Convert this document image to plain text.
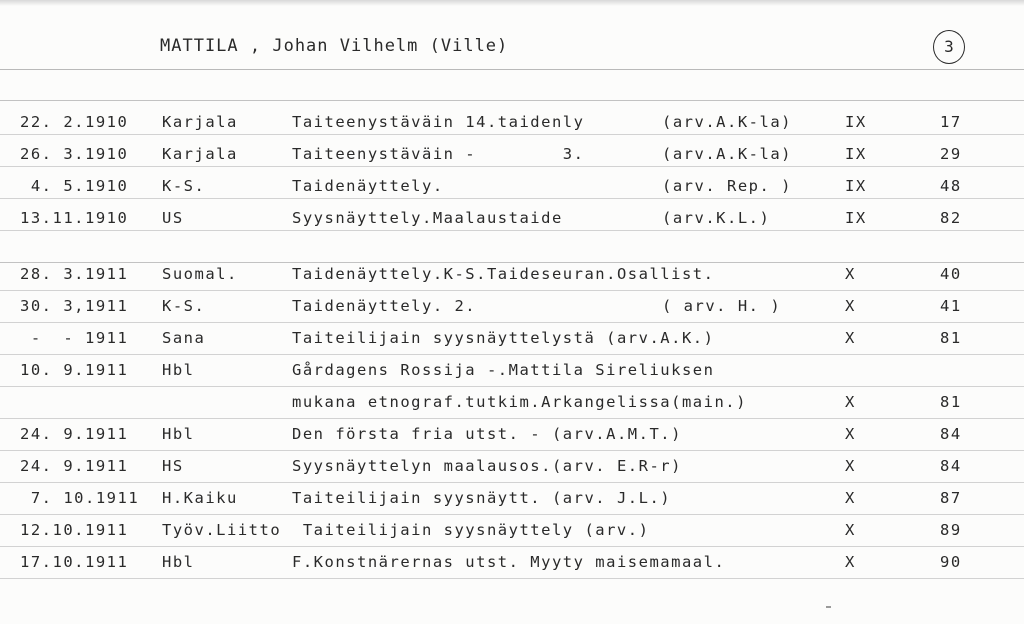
MATTILA , Johan Vilhelm (Ville)	3
22. 2.1910 Karjala	Taiteenystäväin 14.taidenly	(arv.A.K-la)	IX	17
26. 3.1910 Karjala	Taiteenystäväin -        3.	(arv.A.K-la)	IX	29
4. 5.1910 K-S.	Taidenäyttely.	(arv. Rep. )	IX	48
13.11.1910 US	Syysnäyttely.Maalaustaide	(arv.K.L.)	IX	82
28. 3.1911 Suomal.	Taidenäyttely.K-S.Taideseuran.Osallist.	X	40
30. 3,1911 K-S.	Taidenäyttely. 2.	( arv. H. )	X	41
-  - 1911 Sana	Taiteilijain syysnäyttelystä (arv.A.K.)	X	81
10. 9.1911 Hbl	Gårdagens Rossija -.Mattila Sireliuksen
mukana etnograf.tutkim.Arkangelissa(main.)	X	81
24. 9.1911 Hbl	Den första fria utst. - (arv.A.M.T.)	X	84
24. 9.1911 HS	Syysnäyttelyn maalausos.(arv. E.R-r)	X	84
7. 10.1911 H.Kaiku	Taiteilijain syysnäytt. (arv. J.L.)	X	87
12.10.1911 Työv.Liitto  Taiteilijain syysnäyttely (arv.)	X	89
17.10.1911 Hbl	F.Konstnärernas utst. Myyty maisemamaal.	X	90
